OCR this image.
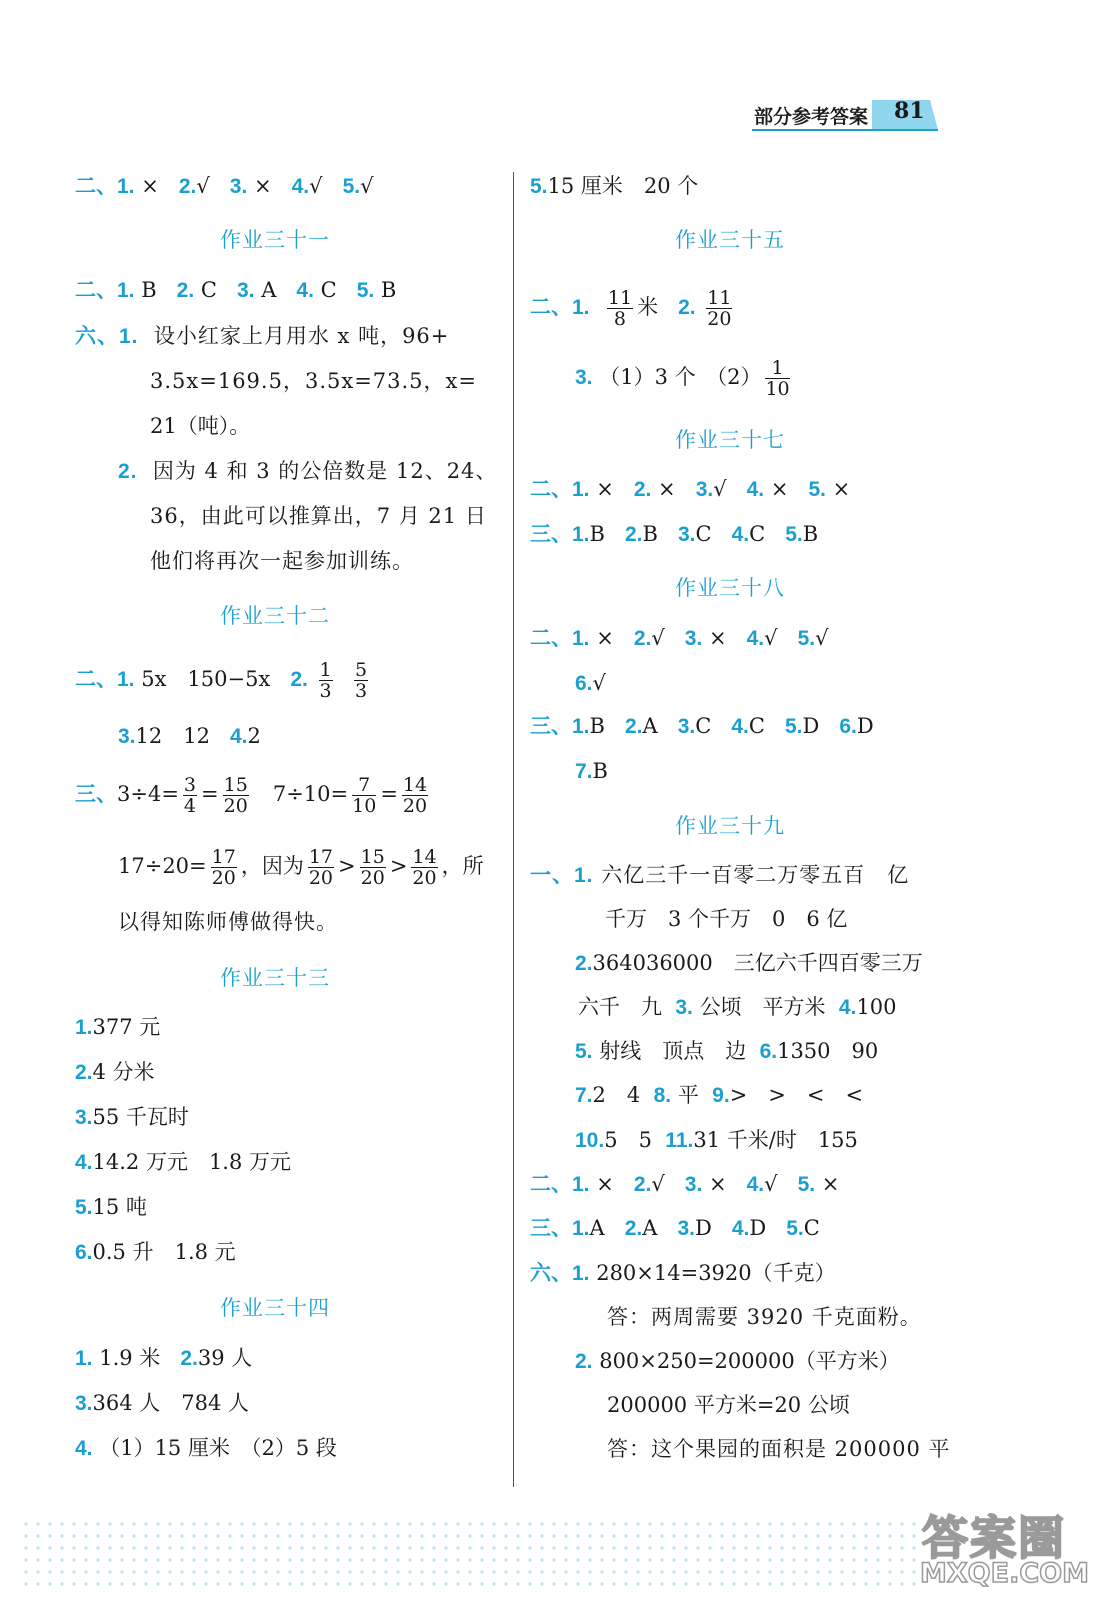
部分参考答案 81
二、1. × 2.√ 3. × 4.√ 5.√
作业三十一
二、1. B 2. C 3. A 4. C 5. B
六、1. 设小红家上月用水 x 吨，96+
3.5x=169.5，3.5x=73.5，x=
21（吨）。
2. 因为 4 和 3 的公倍数是 12、24、
36，由此可以推算出，7 月 21 日
他们将再次一起参加训练。
作业三十二
二、1. 5x　150−5x 2. $\frac{1}{3}$
$\frac{5}{3}$
3.12　12 4.2
三、$3\div 4= \frac{3}{4} = \frac{15}{20} 7\div 10= \frac{7}{10} = \frac{14}{20}$
$17\div 20= \frac{17}{20}$ ，因为 $\frac{17}{20} > \frac{15}{20} > \frac{14}{20}$ ，所
以得知陈师傅做得快。
作业三十三
1.377 元
2.4 分米
3.55 千瓦时
4.14.2 万元　1.8 万元
5.15 吨
6.0.5 升　1.8 元
作业三十四
1. 1.9 米 2.39 人
3.364 人　784 人
4. （1）15 厘米　（2）5 段
5.15 厘米　20 个
作业三十五
二、1. $\frac{11}{8}$ 米 2. $\frac{11}{20}$
3. （1）3 个　$(2) \frac{1}{10}$
作业三十七
二、1. × 2. × 3.√ 4. × 5. ×
三、1.B 2.B 3.C 4.C 5.B
作业三十八
二、1. × 2.√ 3. × 4.√ 5.√
6.√
三、1.B 2.A 3.C 4.C 5.D 6.D
7.B
作业三十九
一、1. 六亿三千一百零二万零五百　亿
千万　3 个千万　0　6 亿
2.364036000　三亿六千四百零三万
六千　九 3. 公顷　平方米 4.100
5. 射线　顶点　边 6.1350　90
7.2　4 8. 平 9.>　>　<　<
10.5　5 11.31 千米/时　155
二、1. × 2.√ 3. × 4.√ 5. ×
三、1.A 2.A 3.D 4.D 5.C
六、1. 280×14=3920（千克）
答：两周需要 3920 千克面粉。
2. 800×250=200000（平方米）
200000 平方米=20 公顷
答：这个果园的面积是 200000 平
答案圈
MXQE.COM
